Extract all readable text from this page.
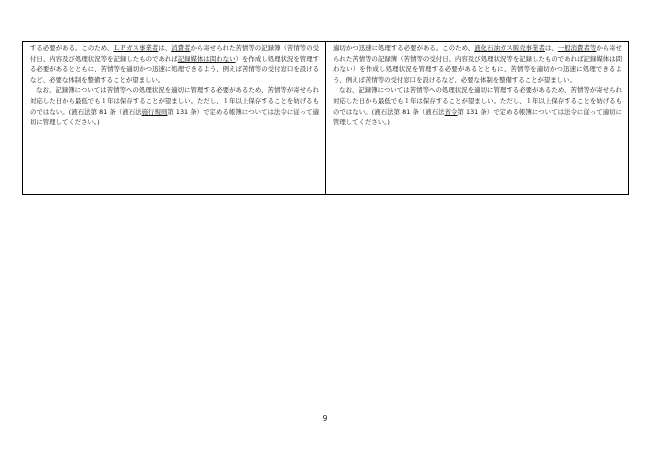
する必要がある。このため、ＬＰガス事業者は、消費者から寄せられた苦情等の記録簿（苦情等の受付日、内容及び処理状況等を記録したものであれば記録媒体は問わない）を作成し処理状況を管理する必要があるとともに、苦情等を適切かつ迅速に処理できるよう、例えば苦情等の受付窓口を設けるなど、必要な体制を整備することが望ましい。

なお、記録簿については苦情等への処理状況を適切に管理する必要があるため、苦情等が寄せられ対応した日から最低でも１年は保存することが望ましい。ただし、１年以上保存することを妨げるものではない。(液石法第 81 条（液石法施行規則第 131 条）で定める帳簿については法令に従って適切に管理してください。)

適切かつ迅速に処理する必要がある。このため、液化石油ガス販売事業者は、一般消費者等から寄せられた苦情等の記録簿（苦情等の受付日、内容及び処理状況等を記録したものであれば記録媒体は問わない）を作成し処理状況を管理する必要があるとともに、苦情等を適切かつ迅速に処理できるよう、例えば苦情等の受付窓口を設けるなど、必要な体制を整備することが望ましい。

なお、記録簿については苦情等への処理状況を適切に管理する必要があるため、苦情等が寄せられ対応した日から最低でも１年は保存することが望ましい。ただし、１年以上保存することを妨げるものではない。(液石法第 81 条（液石法省令第 131 条）で定める帳簿については法令に従って適切に管理してください。)

9
